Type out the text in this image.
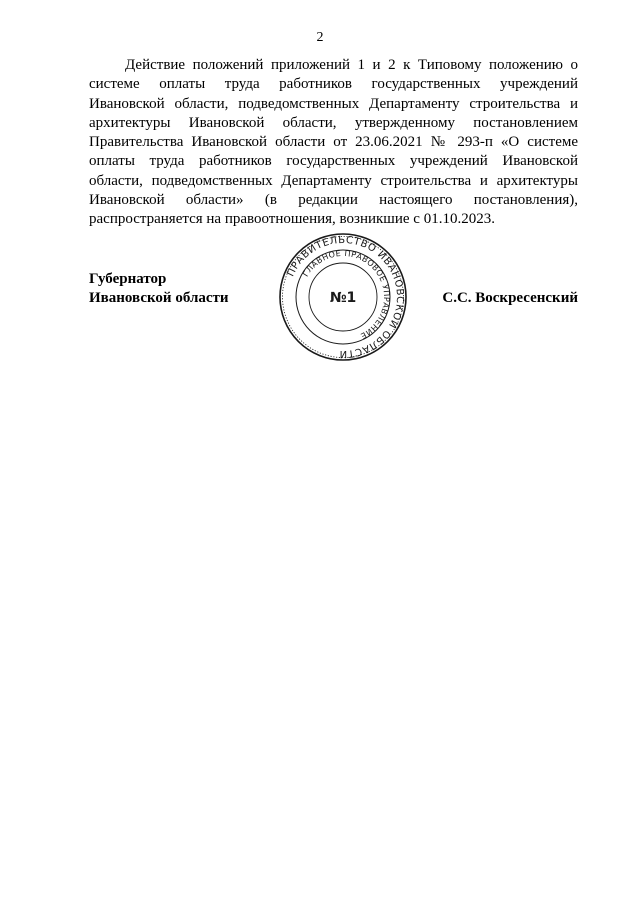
2

Действие положений приложений 1 и 2 к Типовому положению о системе оплаты труда работников государственных учреждений Ивановской области, подведомственных Департаменту строительства и архитектуры Ивановской области, утвержденному постановлением Правительства Ивановской области от 23.06.2021 № 293-п «О системе оплаты труда работников государственных учреждений Ивановской области, подведомственных Департаменту строительства и архитектуры Ивановской области» (в редакции настоящего постановления), распространяется на правоотношения, возникшие с 01.10.2023.

Губернатор
Ивановской области
ПРАВИТЕЛЬСТВО ИВАНОВСКОЙ ОБЛАСТИ
ГЛАВНОЕ ПРАВОВОЕ УПРАВЛЕНИЕ
№1	С.С. Воскресенский
